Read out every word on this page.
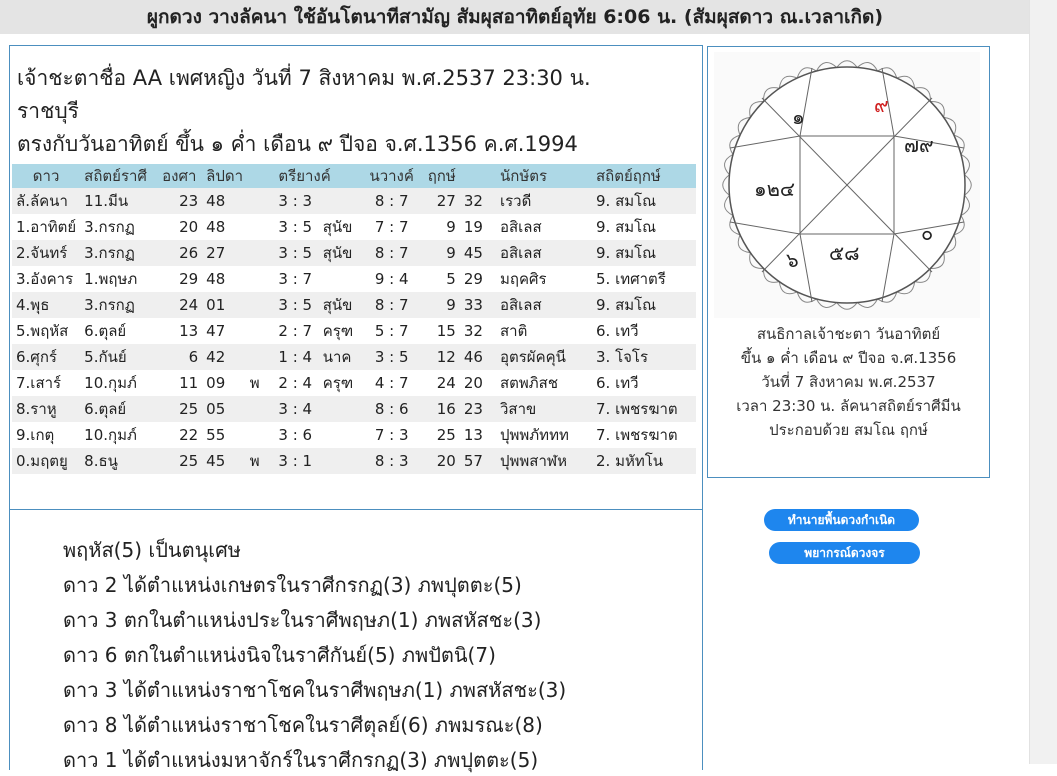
ผูกดวง วางลัคนา ใช้อันโตนาทีสามัญ สัมผุสอาทิตย์อุทัย 6:06 น. (สัมผุสดาว ณ.เวลาเกิด)
เจ้าชะตาชื่อ AA เพศหญิง วันที่ 7 สิงหาคม พ.ศ.2537 23:30 น.
ราชบุรี
ตรงกับวันอาทิตย์ ขึ้น ๑ ค่ำ เดือน ๙ ปีจอ จ.ศ.1356 ค.ศ.1994
ดาว	สถิตย์ราศี	องศา	ลิปดา		ตรียางค์		นวางค์	ฤกษ์		นักษัตร	สถิตย์ฤกษ์
ลั.ลัคนา	11.มีน	23	48		3 : 3		8 : 7	27	32	เรวดี	9. สมโณ
1.อาทิตย์	3.กรกฏ	20	48		3 : 5	สุนัข	7 : 7	9	19	อสิเลส	9. สมโณ
2.จันทร์	3.กรกฏ	26	27		3 : 5	สุนัข	8 : 7	9	45	อสิเลส	9. สมโณ
3.อังคาร	1.พฤษภ	29	48		3 : 7		9 : 4	5	29	มฤคศิร	5. เทศาตรี
4.พุธ	3.กรกฏ	24	01		3 : 5	สุนัข	8 : 7	9	33	อสิเลส	9. สมโณ
5.พฤหัส	6.ตุลย์	13	47		2 : 7	ครุฑ	5 : 7	15	32	สาติ	6. เทวี
6.ศุกร์	5.กันย์	6	42		1 : 4	นาค	3 : 5	12	46	อุตรผัคคุนี	3. โจโร
7.เสาร์	10.กุมภ์	11	09	พ	2 : 4	ครุฑ	4 : 7	24	20	สตพภิสช	6. เทวี
8.ราหู	6.ตุลย์	25	05		3 : 4		8 : 6	16	23	วิสาข	7. เพชรฆาต
9.เกตุ	10.กุมภ์	22	55		3 : 6		7 : 3	25	13	ปุพพภัททท	7. เพชรฆาต
0.มฤตยู	8.ธนู	25	45	พ	3 : 1		8 : 3	20	57	ปุพพสาฬห	2. มหัทโน
พฤหัส(5) เป็นตนุเศษ
ดาว 2 ได้ตำแหน่งเกษตรในราศีกรกฏ(3) ภพปุตตะ(5)
ดาว 3 ตกในตำแหน่งประในราศีพฤษภ(1) ภพสหัสชะ(3)
ดาว 6 ตกในตำแหน่งนิจในราศีกันย์(5) ภพปัตนิ(7)
ดาว 3 ได้ตำแหน่งราชาโชคในราศีพฤษภ(1) ภพสหัสชะ(3)
ดาว 8 ได้ตำแหน่งราชาโชคในราศีตุลย์(6) ภพมรณะ(8)
ดาว 1 ได้ตำแหน่งมหาจักร์ในราศีกรกฏ(3) ภพปุตตะ(5)
๑	๙
๗๙
๑๒๔
๐
๖ ๕๘
สนธิกาลเจ้าชะตา วันอาทิตย์
ขึ้น ๑ ค่ำ เดือน ๙ ปีจอ จ.ศ.1356
วันที่ 7 สิงหาคม พ.ศ.2537
เวลา 23:30 น. ลัคนาสถิตย์ราศีมีน
ประกอบด้วย สมโณ ฤกษ์
ทำนายพื้นดวงกำเนิด
พยากรณ์ดวงจร
